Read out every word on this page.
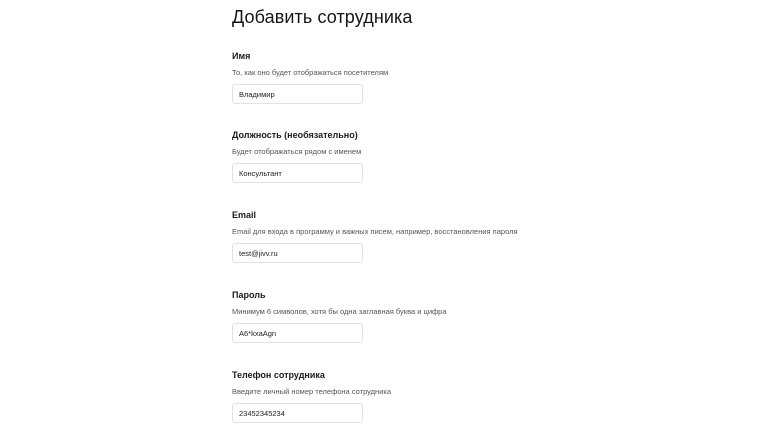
Добавить сотрудника
Имя
То, как оно будет отображаться посетителям
Владимир
Должность (необязательно)
Будет отображаться рядом с именем
Консультант
Email
Email для входа в программу и важных писем, например, восстановления пароля
test@jivv.ru
Пароль
Минимум 6 символов, хотя бы одна заглавная буква и цифра
A6*kxaAgn
Телефон сотрудника
Введите личный номер телефона сотрудника
23452345234
